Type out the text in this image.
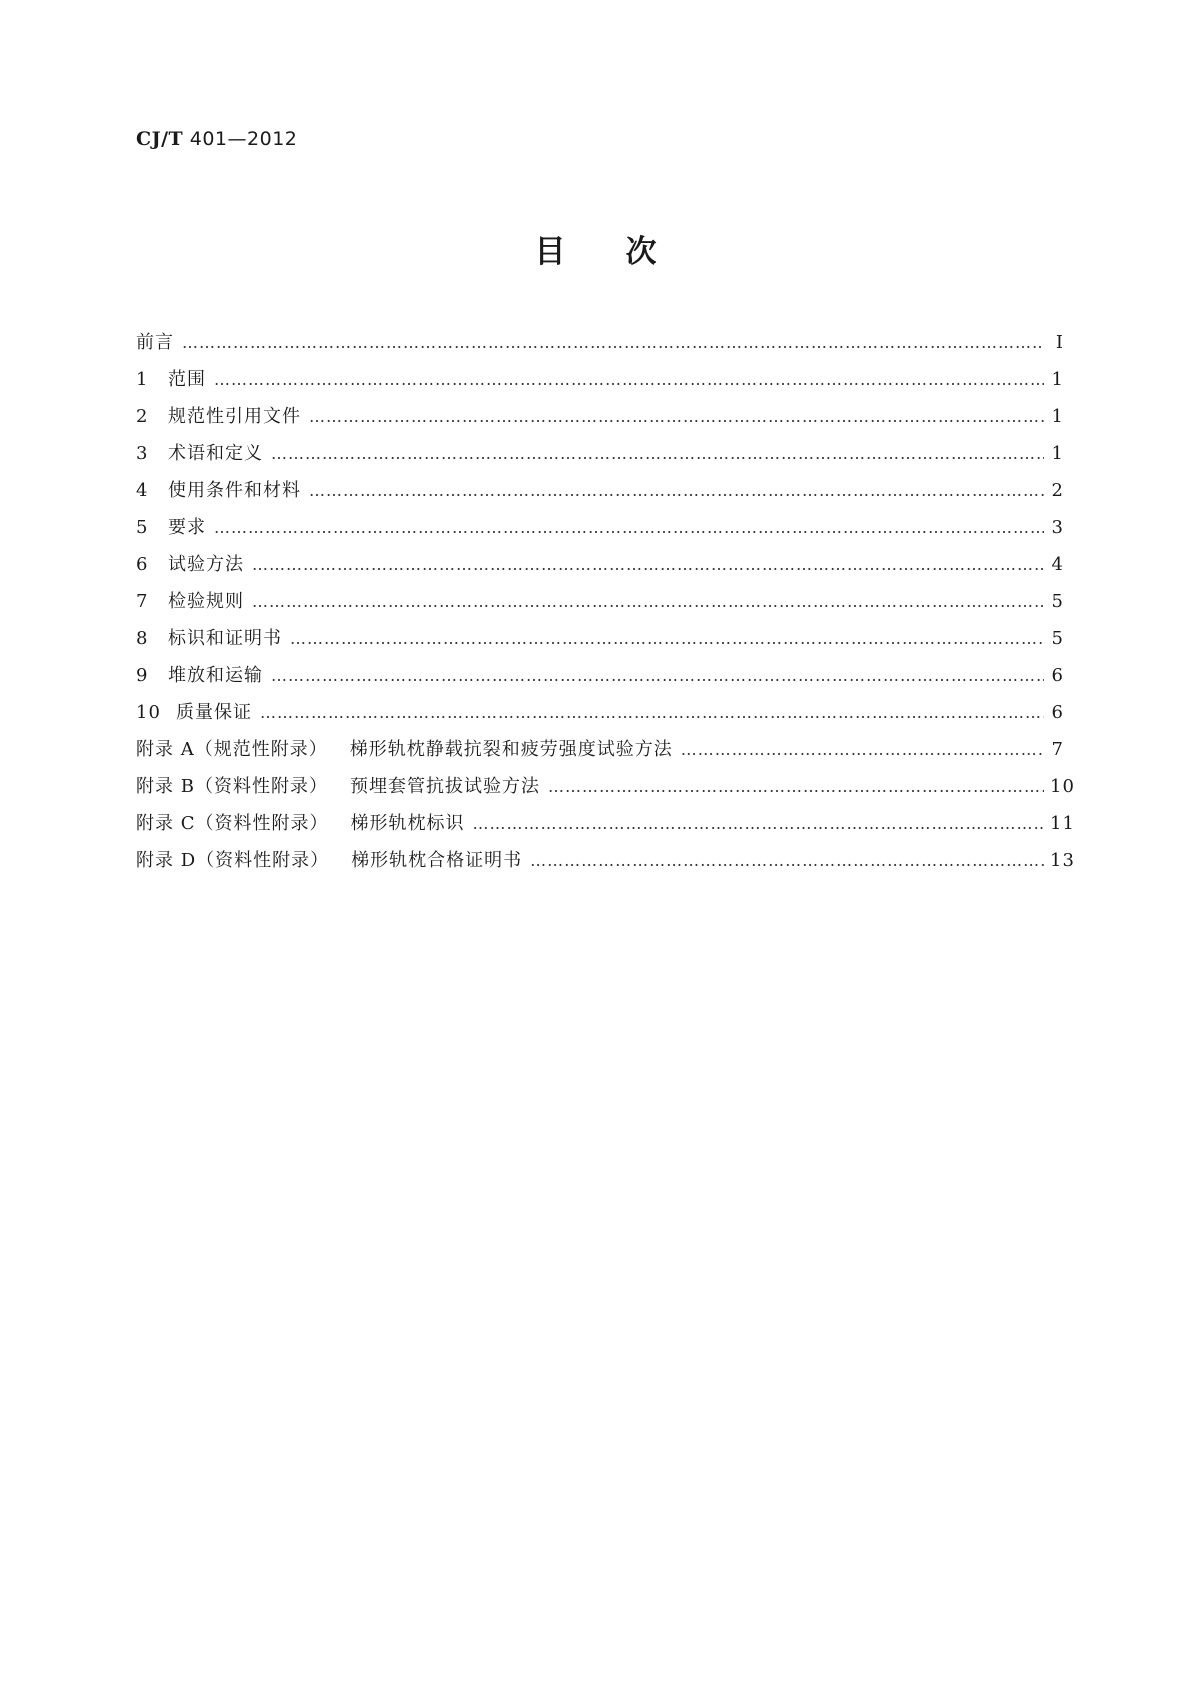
CJ/T 401—2012
目次
前言 …………………………………………………………………………………………………………………………………………………………………………………………………………………………	Ⅰ
1	范围 …………………………………………………………………………………………………………………………………………………………………………………………………………………………	1
2	规范性引用文件 …………………………………………………………………………………………………………………………………………………………………………………………………………………………	1
3	术语和定义 …………………………………………………………………………………………………………………………………………………………………………………………………………………………	1
4	使用条件和材料 …………………………………………………………………………………………………………………………………………………………………………………………………………………………	2
5	要求 …………………………………………………………………………………………………………………………………………………………………………………………………………………………	3
6	试验方法 …………………………………………………………………………………………………………………………………………………………………………………………………………………………	4
7	检验规则 …………………………………………………………………………………………………………………………………………………………………………………………………………………………	5
8	标识和证明书 …………………………………………………………………………………………………………………………………………………………………………………………………………………………	5
9	堆放和运输 …………………………………………………………………………………………………………………………………………………………………………………………………………………………	6
10 质量保证 …………………………………………………………………………………………………………………………………………………………………………………………………………………………	6
附录 A（规范性附录） 梯形轨枕静载抗裂和疲劳强度试验方法 …………………………………………………………………………………………………………………………………………………………………………………………………………………………	7
附录 B（资料性附录） 预埋套管抗拔试验方法 …………………………………………………………………………………………………………………………………………………………………………………………………………………………	10
附录 C（资料性附录） 梯形轨枕标识 …………………………………………………………………………………………………………………………………………………………………………………………………………………………	11
附录 D（资料性附录） 梯形轨枕合格证明书 …………………………………………………………………………………………………………………………………………………………………………………………………………………………	13
